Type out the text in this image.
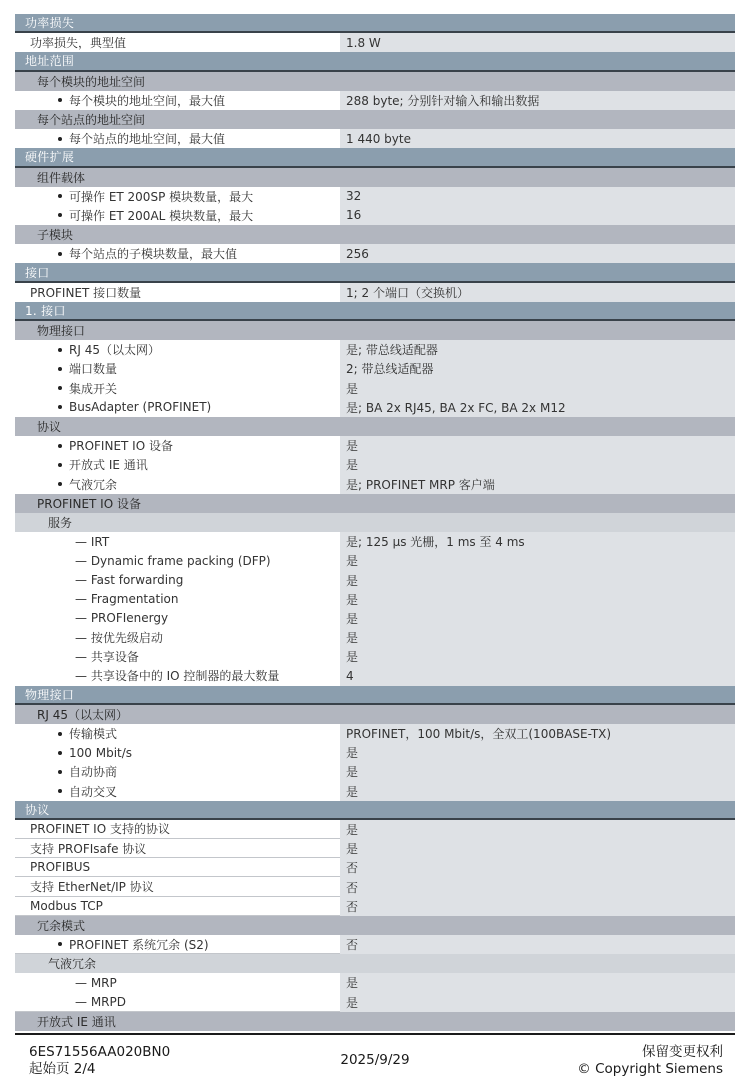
功率损失
功率损失，典型值	1.8 W
地址范围
每个模块的地址空间
每个模块的地址空间，最大值	288 byte; 分别针对输入和输出数据
每个站点的地址空间
每个站点的地址空间，最大值	1 440 byte
硬件扩展
组件载体
可操作 ET 200SP 模块数量，最大	32
可操作 ET 200AL 模块数量，最大	16
子模块
每个站点的子模块数量，最大值	256
接口
PROFINET 接口数量	1; 2 个端口（交换机）
1. 接口
物理接口
RJ 45（以太网）	是; 带总线适配器
端口数量	2; 带总线适配器
集成开关	是
BusAdapter (PROFINET)	是; BA 2x RJ45, BA 2x FC, BA 2x M12
协议
PROFINET IO 设备	是
开放式 IE 通讯	是
气液冗余	是; PROFINET MRP 客户端
PROFINET IO 设备
服务
— IRT	是; 125 µs 光栅，1 ms 至 4 ms
— Dynamic frame packing (DFP)	是
— Fast forwarding	是
— Fragmentation	是
— PROFIenergy	是
— 按优先级启动	是
— 共享设备	是
— 共享设备中的 IO 控制器的最大数量	4
物理接口
RJ 45（以太网）
传输模式	PROFINET，100 Mbit/s，全双工(100BASE-TX)
100 Mbit/s	是
自动协商	是
自动交叉	是
协议
PROFINET IO 支持的协议	是
支持 PROFIsafe 协议	是
PROFIBUS	否
支持 EtherNet/IP 协议	否
Modbus TCP	否
冗余模式
PROFINET 系统冗余 (S2)	否
气液冗余
— MRP	是
— MRPD	是
开放式 IE 通讯
6ES71556AA020BN0
起始页 2/4
2025/9/29	保留变更权利
© Copyright Siemens
